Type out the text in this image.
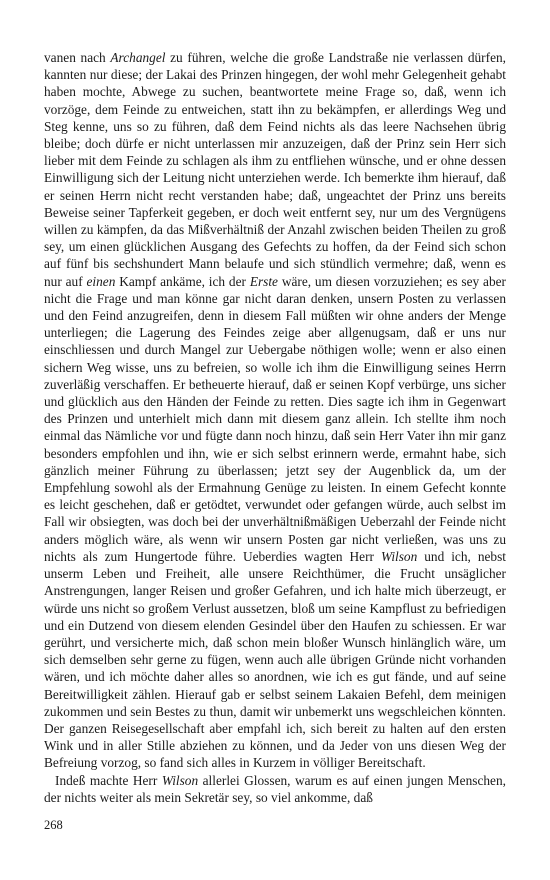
vanen nach Archangel zu führen, welche die große Landstraße nie verlassen dürfen, kannten nur diese; der Lakai des Prinzen hingegen, der wohl mehr Gelegenheit gehabt haben mochte, Abwege zu suchen, beantwortete meine Frage so, daß, wenn ich vorzöge, dem Feinde zu entweichen, statt ihn zu bekämpfen, er allerdings Weg und Steg kenne, uns so zu führen, daß dem Feind nichts als das leere Nachsehen übrig bleibe; doch dürfe er nicht unterlassen mir anzuzeigen, daß der Prinz sein Herr sich lieber mit dem Feinde zu schlagen als ihm zu entfliehen wünsche, und er ohne dessen Einwilligung sich der Leitung nicht unterziehen werde. Ich bemerkte ihm hierauf, daß er seinen Herrn nicht recht verstanden habe; daß, ungeachtet der Prinz uns bereits Beweise seiner Tapferkeit gegeben, er doch weit entfernt sey, nur um des Vergnügens willen zu kämpfen, da das Mißverhältniß der Anzahl zwischen beiden Theilen zu groß sey, um einen glücklichen Ausgang des Gefechts zu hoffen, da der Feind sich schon auf fünf bis sechshundert Mann belaufe und sich stündlich vermehre; daß, wenn es nur auf einen Kampf ankäme, ich der Erste wäre, um diesen vorzuziehen; es sey aber nicht die Frage und man könne gar nicht daran denken, unsern Posten zu verlassen und den Feind anzugreifen, denn in diesem Fall müßten wir ohne anders der Menge unterliegen; die Lagerung des Feindes zeige aber allgenugsam, daß er uns nur einschliessen und durch Mangel zur Uebergabe nöthigen wolle; wenn er also einen sichern Weg wisse, uns zu befreien, so wolle ich ihm die Einwilligung seines Herrn zuverläßig verschaffen. Er betheuerte hierauf, daß er seinen Kopf verbürge, uns sicher und glücklich aus den Händen der Feinde zu retten. Dies sagte ich ihm in Gegenwart des Prinzen und unterhielt mich dann mit diesem ganz allein. Ich stellte ihm noch einmal das Nämliche vor und fügte dann noch hinzu, daß sein Herr Vater ihn mir ganz besonders empfohlen und ihn, wie er sich selbst erinnern werde, ermahnt habe, sich gänzlich meiner Führung zu überlassen; jetzt sey der Augenblick da, um der Empfehlung sowohl als der Ermahnung Genüge zu leisten. In einem Gefecht konnte es leicht geschehen, daß er getödtet, verwundet oder gefangen würde, auch selbst im Fall wir obsiegten, was doch bei der unverhältnißmäßigen Ueberzahl der Feinde nicht anders möglich wäre, als wenn wir unsern Posten gar nicht verließen, was uns zu nichts als zum Hungertode führe. Ueberdies wagten Herr Wilson und ich, nebst unserm Leben und Freiheit, alle unsere Reichthümer, die Frucht unsäglicher Anstrengungen, langer Reisen und großer Gefahren, und ich halte mich überzeugt, er würde uns nicht so großem Verlust aussetzen, bloß um seine Kampflust zu befriedigen und ein Dutzend von diesem elenden Gesindel über den Haufen zu schiessen. Er war gerührt, und versicherte mich, daß schon mein bloßer Wunsch hinlänglich wäre, um sich demselben sehr gerne zu fügen, wenn auch alle übrigen Gründe nicht vorhanden wären, und ich möchte daher alles so anordnen, wie ich es gut fände, und auf seine Bereitwilligkeit zählen. Hierauf gab er selbst seinem Lakaien Befehl, dem meinigen zukommen und sein Bestes zu thun, damit wir unbemerkt uns wegschleichen könnten. Der ganzen Reisegesellschaft aber empfahl ich, sich bereit zu halten auf den ersten Wink und in aller Stille abziehen zu können, und da Jeder von uns diesen Weg der Befreiung vorzog, so fand sich alles in Kurzem in völliger Bereitschaft.

Indeß machte Herr Wilson allerlei Glossen, warum es auf einen jungen Menschen, der nichts weiter als mein Sekretär sey, so viel ankomme, daß

268
